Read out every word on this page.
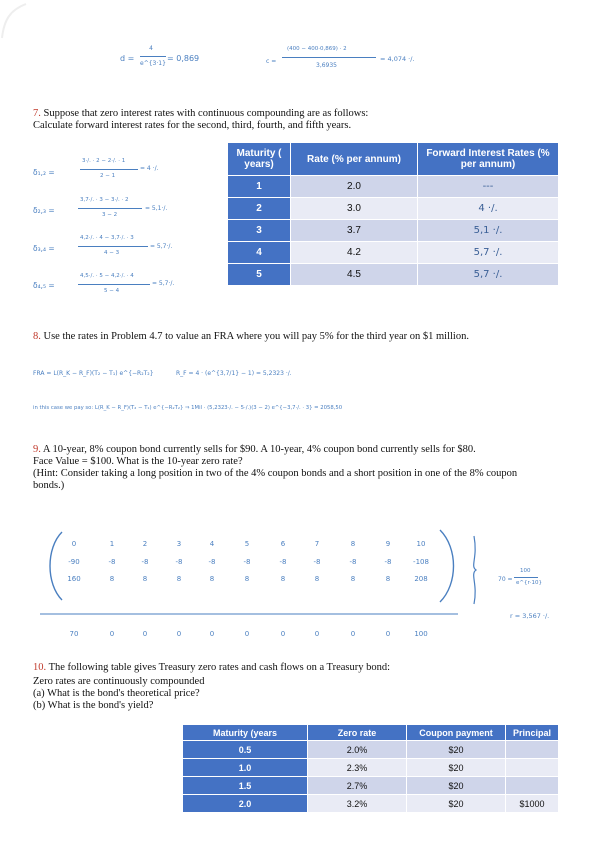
d =
4
e^{3·1}
= 0,869	c =
(400 − 400·0,869) · 2
3,6935
= 4,074 ·/.
7. Suppose that zero interest rates with continuous compounding are as follows:
Calculate forward interest rates for the second, third, fourth, and fifth years.
δ₁,₂ =
3·/. · 2 − 2·/. · 1
2 − 1
= 4 ·/.
δ₂,₃ =
3,7·/. · 3 − 3·/. · 2
3 − 2
= 5,1·/.
δ₃,₄ =
4,2·/. · 4 − 3,7·/. · 3
4 − 3
= 5,7·/.
δ₄,₅ =
4,5·/. · 5 − 4,2·/. · 4
5 − 4
= 5,7·/.
Maturity ( years)	Rate (% per annum)	Forward Interest Rates (% per annum)
1	2.0	---
2	3.0	4 ·/.
3	3.7	5,1 ·/.
4	4.2	5,7 ·/.
5	4.5	5,7 ·/.
8. Use the rates in Problem 4.7 to value an FRA where you will pay 5% for the third year on $1 million.
FRA = L(R_K − R_F)(T₂ − T₁) e^{−R₂T₂}	R_F = 4 · (e^{3,7/1} − 1) = 5,2323 ·/.
in this case we pay so: L(R_K − R_F)(T₂ − T₁) e^{−R₂T₂} ⇒ 1Mil · (5,2323·/. − 5·/.)(3 − 2) e^{−3,7·/. · 3} = 2058,50
9. A 10-year, 8% coupon bond currently sells for $90. A 10-year, 4% coupon bond currently sells for $80.
Face Value = $100. What is the 10-year zero rate?
(Hint: Consider taking a long position in two of the 4% coupon bonds and a short position in one of the 8% coupon
bonds.)
0	1	2	3	4	5	6	7	8	9	10
-90	-8	-8	-8	-8	-8	-8	-8	-8	-8	-108
160	8	8	8	8	8	8	8	8	8	208
70	0	0	0	0	0	0	0	0	0	100
70 =
100
e^{r·10}
r = 3,567 ·/.
10. The following table gives Treasury zero rates and cash flows on a Treasury bond:
Zero rates are continuously compounded
(a) What is the bond's theoretical price?
(b) What is the bond's yield?
Maturity (years	Zero rate	Coupon payment	Principal
0.5	2.0%	$20	
1.0	2.3%	$20	
1.5	2.7%	$20	
2.0	3.2%	$20	$1000
